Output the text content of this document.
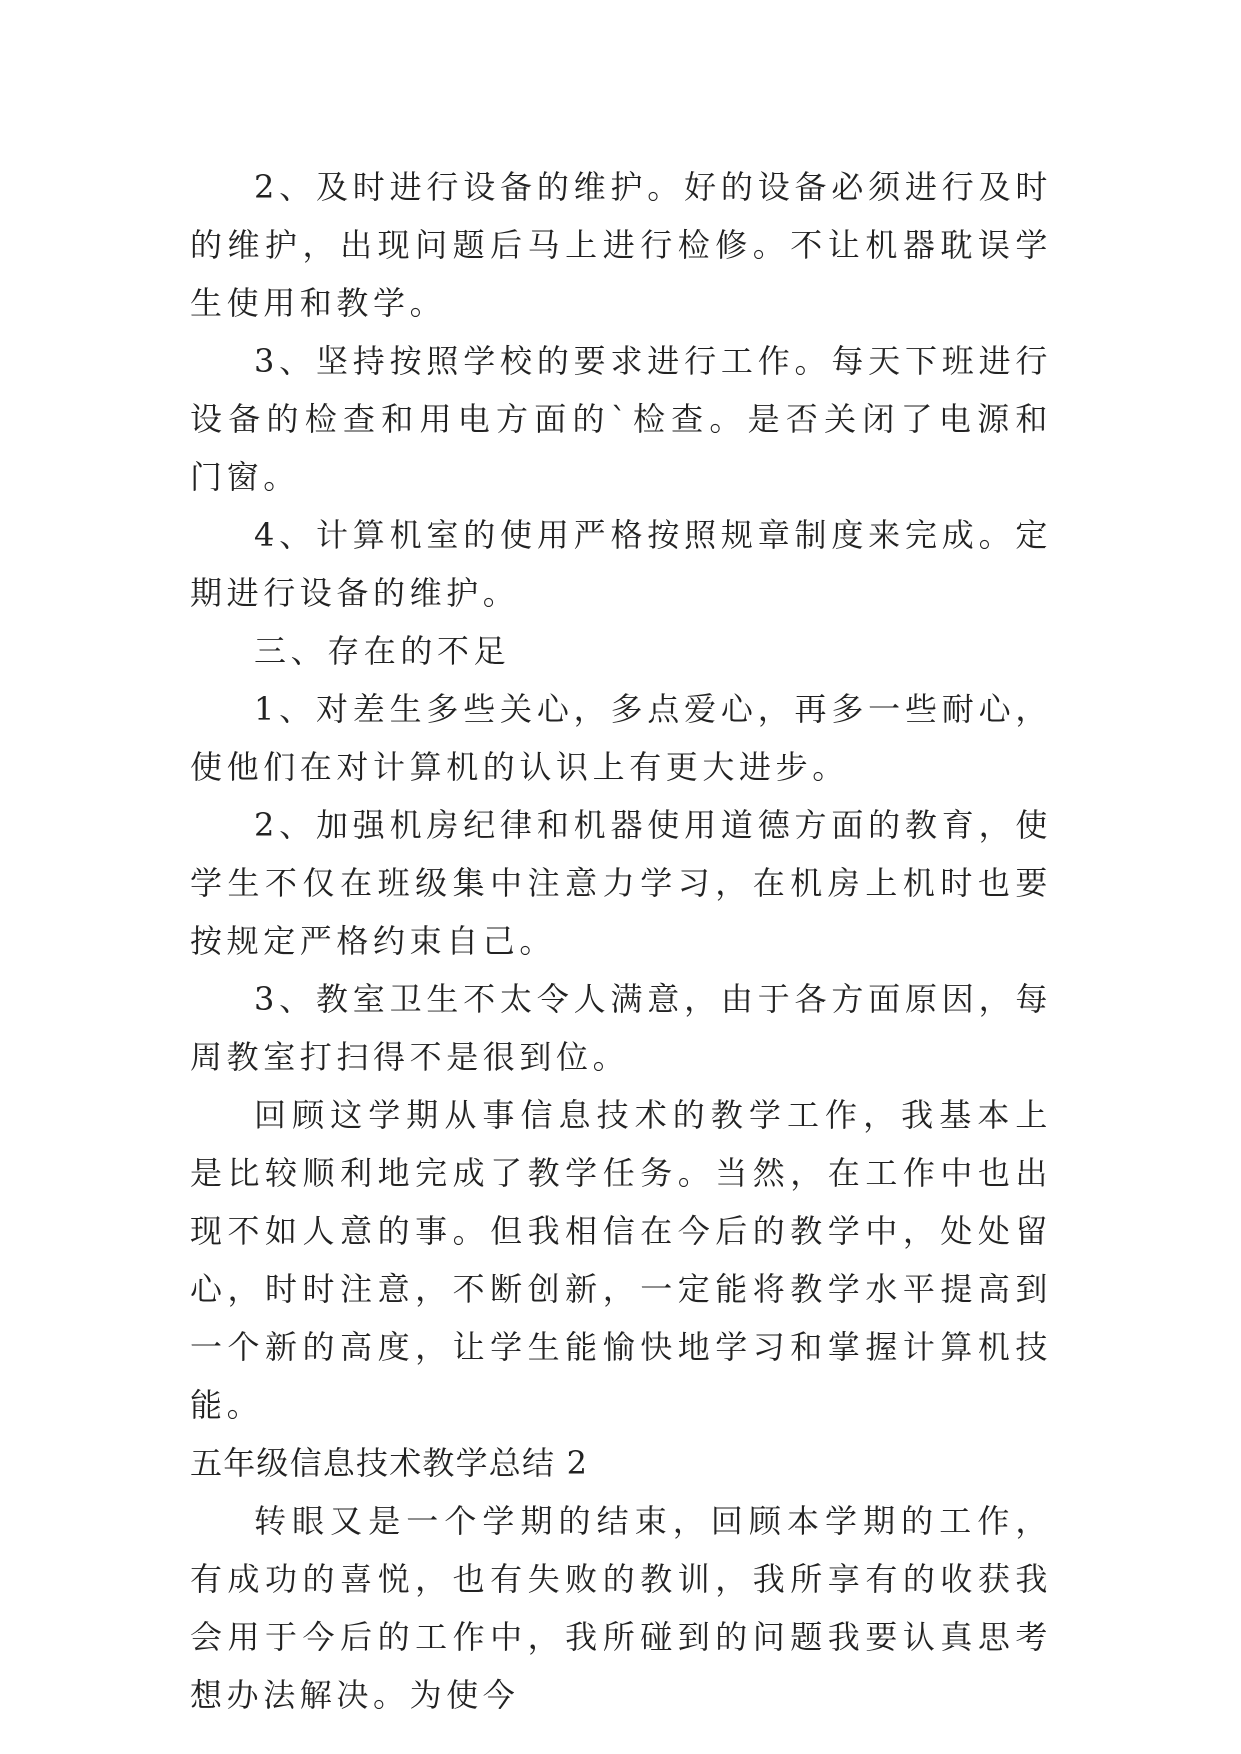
2、及时进行设备的维护。好的设备必须进行及时的维护，出现问题后马上进行检修。不让机器耽误学生使用和教学。

3、坚持按照学校的要求进行工作。每天下班进行设备的检查和用电方面的`检查。是否关闭了电源和门窗。

4、计算机室的使用严格按照规章制度来完成。定期进行设备的维护。

三、存在的不足

1、对差生多些关心，多点爱心，再多一些耐心，使他们在对计算机的认识上有更大进步。

2、加强机房纪律和机器使用道德方面的教育，使学生不仅在班级集中注意力学习，在机房上机时也要按规定严格约束自己。

3、教室卫生不太令人满意，由于各方面原因，每周教室打扫得不是很到位。

回顾这学期从事信息技术的教学工作，我基本上是比较顺利地完成了教学任务。当然，在工作中也出现不如人意的事。但我相信在今后的教学中，处处留心，时时注意，不断创新，一定能将教学水平提高到一个新的高度，让学生能愉快地学习和掌握计算机技能。

五年级信息技术教学总结 2

转眼又是一个学期的结束，回顾本学期的工作，有成功的喜悦，也有失败的教训，我所享有的收获我会用于今后的工作中，我所碰到的问题我要认真思考想办法解决。为使今
